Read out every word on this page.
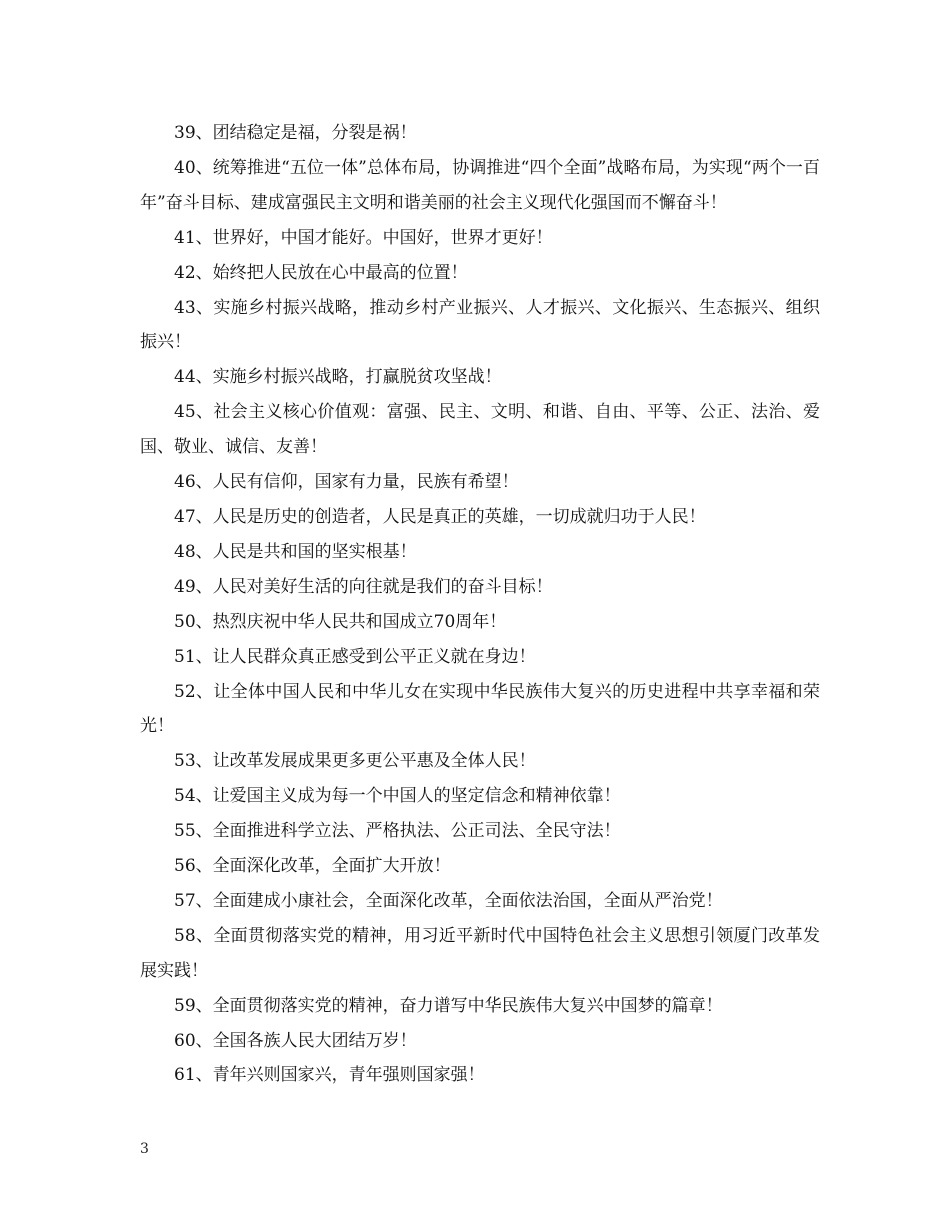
39、团结稳定是福，分裂是祸！

40、统筹推进“五位一体”总体布局，协调推进“四个全面”战略布局，为实现“两个一百年”奋斗目标、建成富强民主文明和谐美丽的社会主义现代化强国而不懈奋斗！

41、世界好，中国才能好。中国好，世界才更好！

42、始终把人民放在心中最高的位置！

43、实施乡村振兴战略，推动乡村产业振兴、人才振兴、文化振兴、生态振兴、组织振兴！

44、实施乡村振兴战略，打赢脱贫攻坚战！

45、社会主义核心价值观：富强、民主、文明、和谐、自由、平等、公正、法治、爱国、敬业、诚信、友善！

46、人民有信仰，国家有力量，民族有希望！

47、人民是历史的创造者，人民是真正的英雄，一切成就归功于人民！

48、人民是共和国的坚实根基！

49、人民对美好生活的向往就是我们的奋斗目标！

50、热烈庆祝中华人民共和国成立70周年！

51、让人民群众真正感受到公平正义就在身边！

52、让全体中国人民和中华儿女在实现中华民族伟大复兴的历史进程中共享幸福和荣光！

53、让改革发展成果更多更公平惠及全体人民！

54、让爱国主义成为每一个中国人的坚定信念和精神依靠！

55、全面推进科学立法、严格执法、公正司法、全民守法！

56、全面深化改革，全面扩大开放！

57、全面建成小康社会，全面深化改革，全面依法治国，全面从严治党！

58、全面贯彻落实党的精神，用习近平新时代中国特色社会主义思想引领厦门改革发展实践！

59、全面贯彻落实党的精神，奋力谱写中华民族伟大复兴中国梦的篇章！

60、全国各族人民大团结万岁！

61、青年兴则国家兴，青年强则国家强！

3
